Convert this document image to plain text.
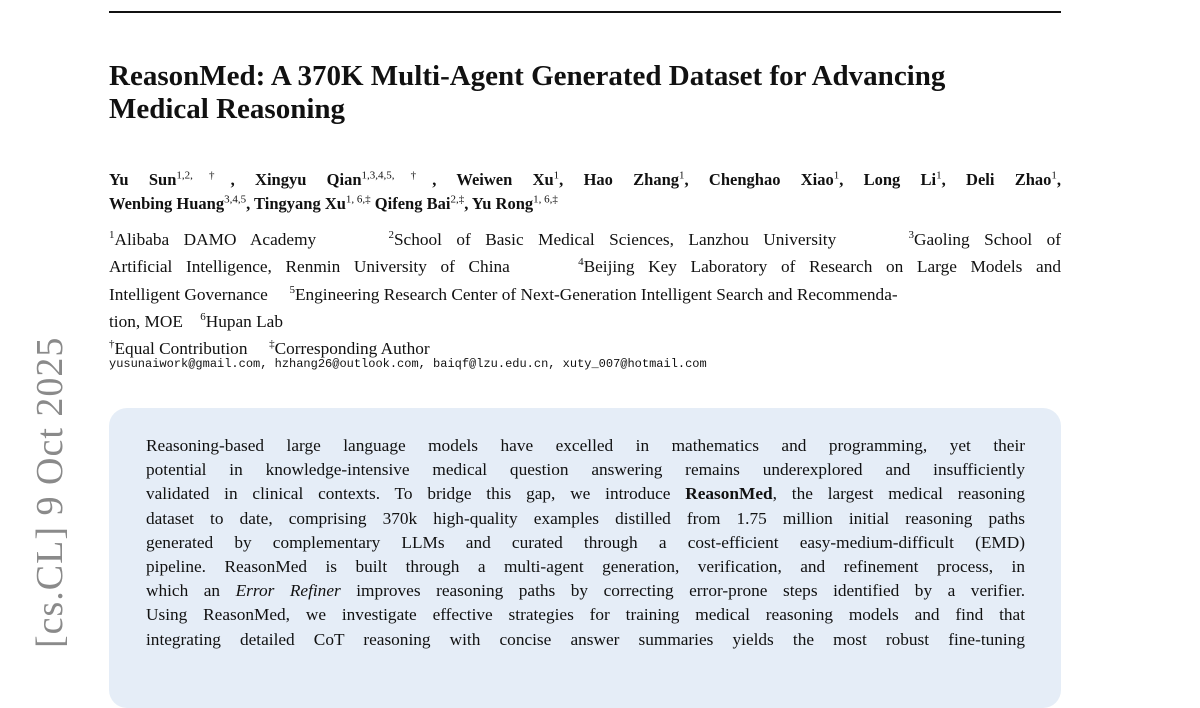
[cs.CL] 9 Oct 2025
ReasonMed: A 370K Multi-Agent Generated Dataset for Advancing
Medical Reasoning
Yu Sun$^{1,2,\dagger}$, Xingyu Qian$^{1,3,4,5,\dagger}$, Weiwen Xu$^1$, Hao Zhang$^1$, Chenghao Xiao$^1$, Long Li$^1$, Deli Zhao$^1$,
Wenbing Huang$^{3,4,5}$, Tingyang $Xu^{1, 6,\ddagger}$ Qifeng Bai$^{2,\ddagger}$, Yu Rong$^{1, 6,\ddagger}$
$^1$Alibaba DAMO Academy	$^2$School of Basic Medical Sciences, Lanzhou University	$^3$Gaoling School of
Artificial Intelligence, Renmin University of China	$^4$Beijing Key Laboratory of Research on Large Models and
Intelligent Governance $^5$Engineering Research Center of Next-Generation Intelligent Search and Recommenda-
tion, MOE $^6$Hupan Lab
†Equal Contribution ‡Corresponding Author
yusunaiwork@gmail.com, hzhang26@outlook.com, baiqf@lzu.edu.cn, xuty_007@hotmail.com
Reasoning-based large language models have excelled in mathematics and programming, yet their
potential in knowledge-intensive medical question answering remains underexplored and insufficiently
validated in clinical contexts. To bridge this gap, we introduce ReasonMed, the largest medical reasoning
dataset to date, comprising 370k high-quality examples distilled from 1.75 million initial reasoning paths
generated by complementary LLMs and curated through a cost-efficient easy-medium-difficult (EMD)
pipeline. ReasonMed is built through a multi-agent generation, verification, and refinement process, in
which an Error Refiner improves reasoning paths by correcting error-prone steps identified by a verifier.
Using ReasonMed, we investigate effective strategies for training medical reasoning models and find that
integrating detailed CoT reasoning with concise answer summaries yields the most robust fine-tuning
